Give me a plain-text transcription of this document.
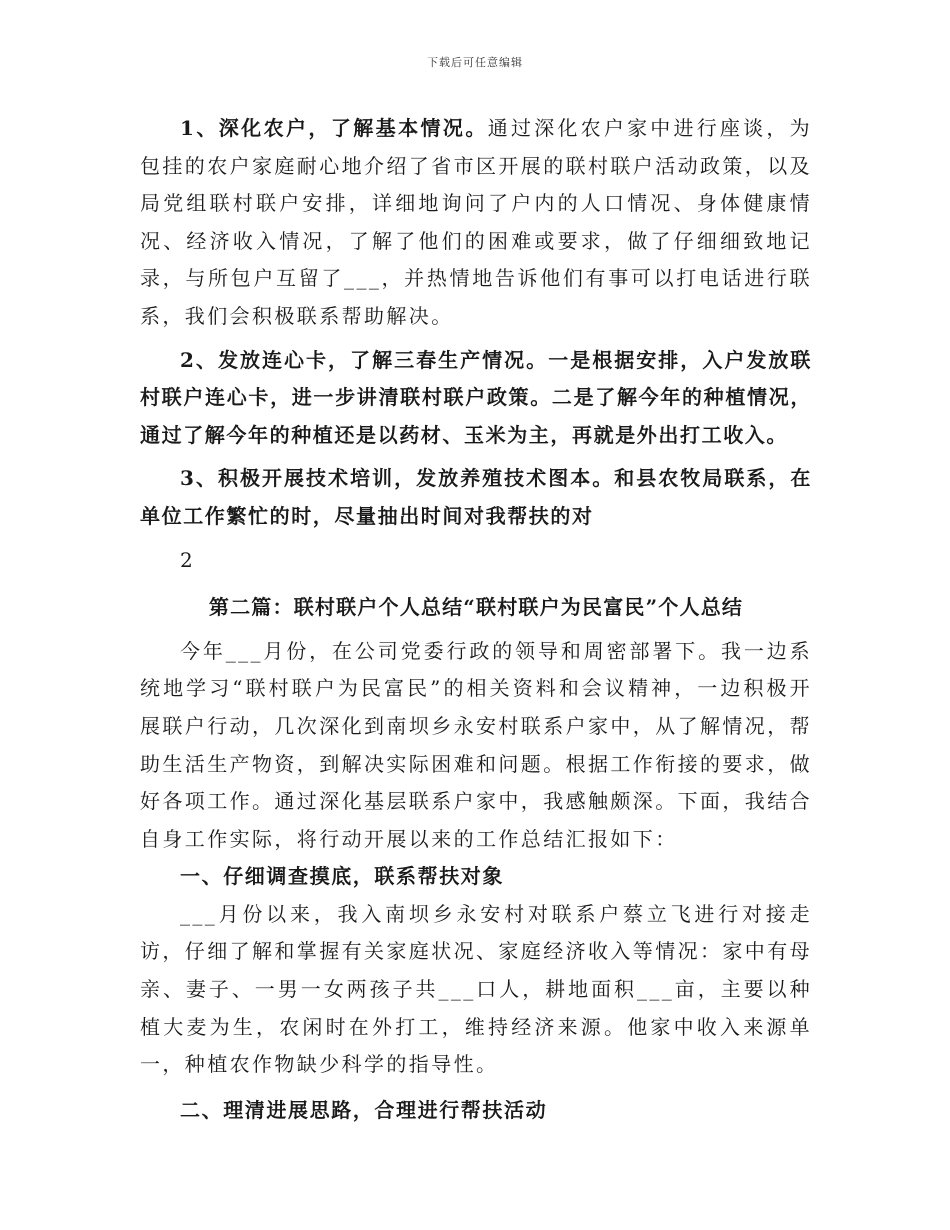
下载后可任意编辑

1、深化农户，了解基本情况。通过深化农户家中进行座谈，为包挂的农户家庭耐心地介绍了省市区开展的联村联户活动政策，以及局党组联村联户安排，详细地询问了户内的人口情况、身体健康情况、经济收入情况，了解了他们的困难或要求，做了仔细细致地记录，与所包户互留了___，并热情地告诉他们有事可以打电话进行联系，我们会积极联系帮助解决。

2、发放连心卡，了解三春生产情况。一是根据安排，入户发放联村联户连心卡，进一步讲清联村联户政策。二是了解今年的种植情况，通过了解今年的种植还是以药材、玉米为主，再就是外出打工收入。

3、积极开展技术培训，发放养殖技术图本。和县农牧局联系，在单位工作繁忙的时，尽量抽出时间对我帮扶的对

2

第二篇：联村联户个人总结“联村联户为民富民”个人总结

今年___月份，在公司党委行政的领导和周密部署下。我一边系统地学习“联村联户为民富民”的相关资料和会议精神，一边积极开展联户行动，几次深化到南坝乡永安村联系户家中，从了解情况，帮助生活生产物资，到解决实际困难和问题。根据工作衔接的要求，做好各项工作。通过深化基层联系户家中，我感触颇深。下面，我结合自身工作实际，将行动开展以来的工作总结汇报如下：

一、仔细调查摸底，联系帮扶对象

___月份以来，我入南坝乡永安村对联系户蔡立飞进行对接走访，仔细了解和掌握有关家庭状况、家庭经济收入等情况：家中有母亲、妻子、一男一女两孩子共___口人，耕地面积___亩，主要以种植大麦为生，农闲时在外打工，维持经济来源。他家中收入来源单一，种植农作物缺少科学的指导性。

二、理清进展思路，合理进行帮扶活动
